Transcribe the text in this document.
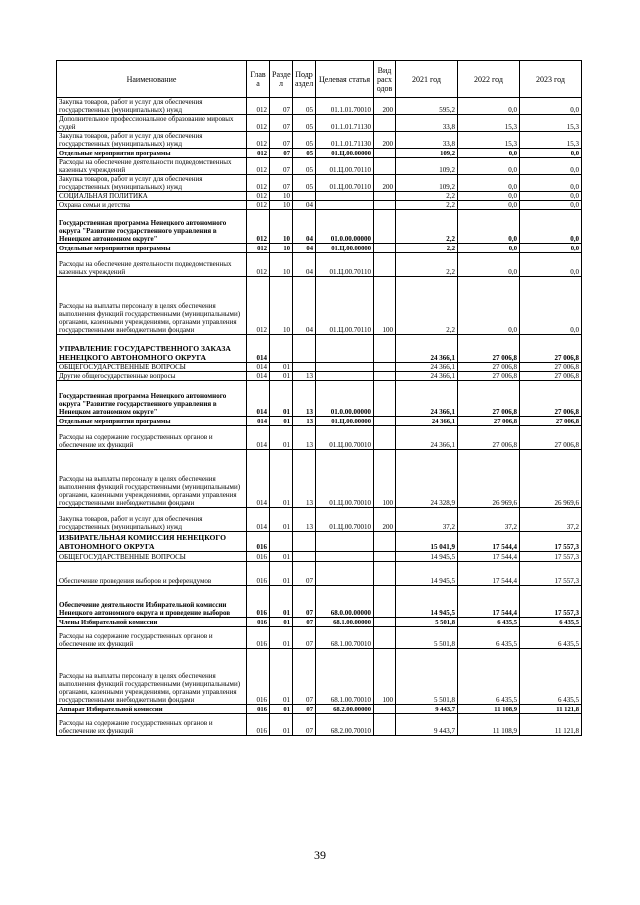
Наименование	Глав а	Разде л	Подр аздел	Целевая статья	Вид расх одов	2021 год	2022 год	2023 год
Закупка товаров, работ и услуг для обеспечения государственных (муниципальных) нужд	012	07	05	01.1.01.70010	200	595,2	0,0	0,0
Дополнительное профессиональное образование мировых судей	012	07	05	01.1.01.71130		33,8	15,3	15,3
Закупка товаров, работ и услуг для обеспечения государственных (муниципальных) нужд	012	07	05	01.1.01.71130	200	33,8	15,3	15,3
Отдельные мероприятия программы	012	07	05	01.Ц.00.00000		109,2	0,0	0,0
Расходы на обеспечение деятельности подведомственных казенных учреждений	012	07	05	01.Ц.00.70110		109,2	0,0	0,0
Закупка товаров, работ и услуг для обеспечения государственных (муниципальных) нужд	012	07	05	01.Ц.00.70110	200	109,2	0,0	0,0
СОЦИАЛЬНАЯ ПОЛИТИКА	012	10				2,2	0,0	0,0
Охрана семьи и детства	012	10	04			2,2	0,0	0,0
Государственная программа Ненецкого автономного округа "Развитие государственного управления в Ненецком автономном округе"	012	10	04	01.0.00.00000		2,2	0,0	0,0
Отдельные мероприятия программы	012	10	04	01.Ц.00.00000		2,2	0,0	0,0
Расходы на обеспечение деятельности подведомственных казенных учреждений	012	10	04	01.Ц.00.70110		2,2	0,0	0,0
Расходы на выплаты персоналу в целях обеспечения выполнения функций государственными (муниципальными) органами, казенными учреждениями, органами управления государственными внебюджетными фондами	012	10	04	01.Ц.00.70110	100	2,2	0,0	0,0
УПРАВЛЕНИЕ ГОСУДАРСТВЕННОГО ЗАКАЗА НЕНЕЦКОГО АВТОНОМНОГО ОКРУГА	014					24 366,1	27 006,8	27 006,8
ОБЩЕГОСУДАРСТВЕННЫЕ ВОПРОСЫ	014	01				24 366,1	27 006,8	27 006,8
Другие общегосударственные вопросы	014	01	13			24 366,1	27 006,8	27 006,8
Государственная программа Ненецкого автономного округа "Развитие государственного управления в Ненецком автономном округе"	014	01	13	01.0.00.00000		24 366,1	27 006,8	27 006,8
Отдельные мероприятия программы	014	01	13	01.Ц.00.00000		24 366,1	27 006,8	27 006,8
Расходы на содержание государственных органов и обеспечение их функций	014	01	13	01.Ц.00.70010		24 366,1	27 006,8	27 006,8
Расходы на выплаты персоналу в целях обеспечения выполнения функций государственными (муниципальными) органами, казенными учреждениями, органами управления государственными внебюджетными фондами	014	01	13	01.Ц.00.70010	100	24 328,9	26 969,6	26 969,6
Закупка товаров, работ и услуг для обеспечения государственных (муниципальных) нужд	014	01	13	01.Ц.00.70010	200	37,2	37,2	37,2
ИЗБИРАТЕЛЬНАЯ КОМИССИЯ НЕНЕЦКОГО АВТОНОМНОГО ОКРУГА	016					15 041,9	17 544,4	17 557,3
ОБЩЕГОСУДАРСТВЕННЫЕ ВОПРОСЫ	016	01				14 945,5	17 544,4	17 557,3
Обеспечение проведения выборов и референдумов	016	01	07			14 945,5	17 544,4	17 557,3
Обеспечение деятельности Избирательной комиссии Ненецкого автономного округа и проведение выборов	016	01	07	68.0.00.00000		14 945,5	17 544,4	17 557,3
Члены Избирательной комиссии	016	01	07	68.1.00.00000		5 501,8	6 435,5	6 435,5
Расходы на содержание государственных органов и обеспечение их функций	016	01	07	68.1.00.70010		5 501,8	6 435,5	6 435,5
Расходы на выплаты персоналу в целях обеспечения выполнения функций государственными (муниципальными) органами, казенными учреждениями, органами управления государственными внебюджетными фондами	016	01	07	68.1.00.70010	100	5 501,8	6 435,5	6 435,5
Аппарат Избирательной комиссии	016	01	07	68.2.00.00000		9 443,7	11 108,9	11 121,8
Расходы на содержание государственных органов и обеспечение их функций	016	01	07	68.2.00.70010		9 443,7	11 108,9	11 121,8
39
